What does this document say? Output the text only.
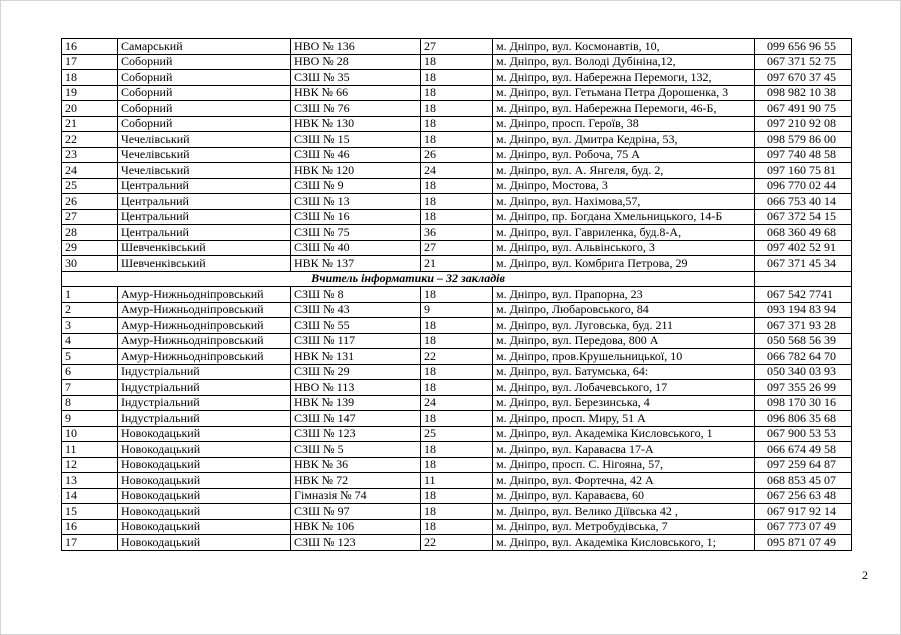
16	Самарський	НВО № 136	27	м. Дніпро, вул. Космонавтів, 10,	099 656 96 55
17	Соборний	НВО № 28	18	м. Дніпро, вул. Володі Дубініна,12,	067 371 52 75
18	Соборний	СЗШ № 35	18	м. Дніпро, вул. Набережна Перемоги, 132,	097 670 37 45
19	Соборний	НВК № 66	18	м. Дніпро, вул. Гетьмана Петра Дорошенка, 3	098 982 10 38
20	Соборний	СЗШ № 76	18	м. Дніпро, вул. Набережна Перемоги, 46-Б,	067 491 90 75
21	Соборний	НВК № 130	18	м. Дніпро, просп. Героїв, 38	097 210 92 08
22	Чечелівський	СЗШ № 15	18	м. Дніпро, вул. Дмитра Кедріна, 53,	098 579 86 00
23	Чечелівський	СЗШ № 46	26	м. Дніпро, вул. Робоча, 75 А	097 740 48 58
24	Чечелівський	НВК № 120	24	м. Дніпро, вул. А. Янгеля, буд. 2,	097 160 75 81
25	Центральний	СЗШ № 9	18	м. Дніпро, Мостова, 3	096 770 02 44
26	Центральний	СЗШ № 13	18	м. Дніпро, вул. Нахімова,57,	066 753 40 14
27	Центральний	СЗШ № 16	18	м. Дніпро, пр. Богдана Хмельницького, 14-Б	067 372 54 15
28	Центральний	СЗШ № 75	36	м. Дніпро, вул. Гавриленка, буд.8-А,	068 360 49 68
29	Шевченківський	СЗШ № 40	27	м. Дніпро, вул. Альвінського, 3	097 402 52 91
30	Шевченківський	НВК № 137	21	м. Дніпро, вул. Комбрига Петрова, 29	067 371 45 34
Вчитель інформатики – 32 закладів					
1	Амур-Нижньодніпровський	СЗШ № 8	18	м. Дніпро, вул. Прапорна, 23	067 542 7741
2	Амур-Нижньодніпровський	СЗШ № 43	9	м. Дніпро, Любаровського, 84	093 194 83 94
3	Амур-Нижньодніпровський	СЗШ № 55	18	м. Дніпро, вул. Луговська, буд. 211	067 371 93 28
4	Амур-Нижньодніпровський	СЗШ № 117	18	м. Дніпро, вул. Передова, 800 А	050 568 56 39
5	Амур-Нижньодніпровський	НВК № 131	22	м. Дніпро, пров.Крушельницької, 10	066 782 64 70
6	Індустріальний	СЗШ № 29	18	м. Дніпро, вул. Батумська, 64:	050 340 03 93
7	Індустріальний	НВО № 113	18	м. Дніпро, вул. Лобачевського, 17	097 355 26 99
8	Індустріальний	НВК № 139	24	м. Дніпро, вул. Березинська, 4	098 170 30 16
9	Індустріальний	СЗШ № 147	18	м. Дніпро, просп. Миру, 51 А	096 806 35 68
10	Новокодацький	СЗШ № 123	25	м. Дніпро, вул. Академіка Кисловського, 1	067 900 53 53
11	Новокодацький	СЗШ № 5	18	м. Дніпро, вул. Караваєва 17-А	066 674 49 58
12	Новокодацький	НВК № 36	18	м. Дніпро, просп. С. Нігояна, 57,	097 259 64 87
13	Новокодацький	НВК № 72	11	м. Дніпро, вул. Фортечна, 42 А	068 853 45 07
14	Новокодацький	Гімназія № 74	18	м. Дніпро, вул. Караваєва, 60	067 256 63 48
15	Новокодацький	СЗШ № 97	18	м. Дніпро, вул. Велико Діївська 42 ,	067 917 92 14
16	Новокодацький	НВК № 106	18	м. Дніпро, вул. Метробудівська, 7	067 773 07 49
17	Новокодацький	СЗШ № 123	22	м. Дніпро, вул. Академіка Кисловського, 1;	095 871 07 49
2
